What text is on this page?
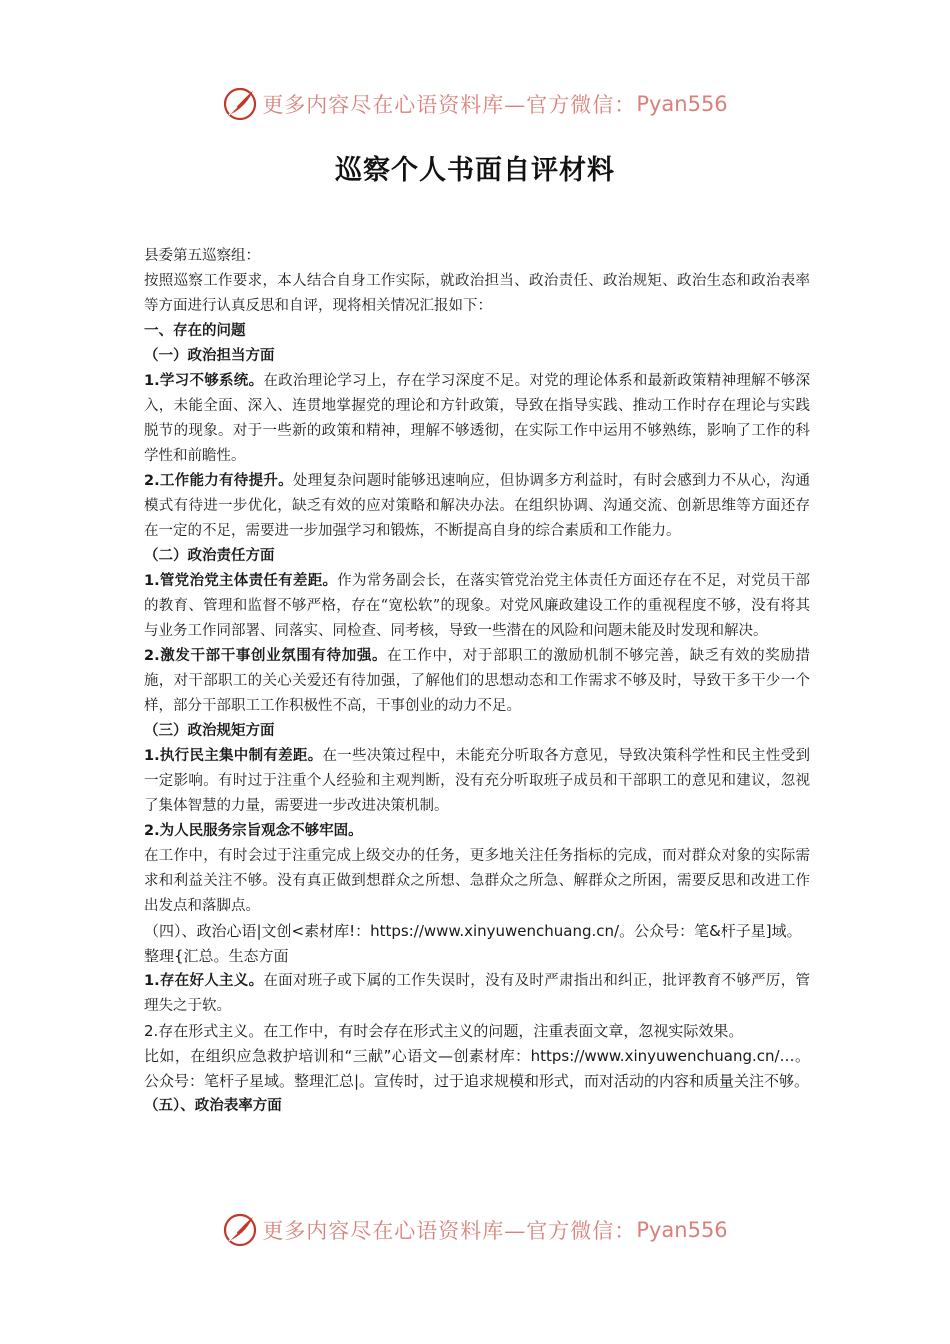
更多内容尽在心语资料库—官方微信： Pyan556
巡察个人书面自评材料

县委第五巡察组：

按照巡察工作要求，本人结合自身工作实际，就政治担当、政治责任、政治规矩、政治生态和政治表率等方面进行认真反思和自评，现将相关情况汇报如下：

一、存在的问题

（一）政治担当方面

1.学习不够系统。在政治理论学习上，存在学习深度不足。对党的理论体系和最新政策精神理解不够深入，未能全面、深入、连贯地掌握党的理论和方针政策，导致在指导实践、推动工作时存在理论与实践脱节的现象。对于一些新的政策和精神，理解不够透彻，在实际工作中运用不够熟练，影响了工作的科学性和前瞻性。

2.工作能力有待提升。处理复杂问题时能够迅速响应，但协调多方利益时，有时会感到力不从心，沟通模式有待进一步优化，缺乏有效的应对策略和解决办法。在组织协调、沟通交流、创新思维等方面还存在一定的不足，需要进一步加强学习和锻炼，不断提高自身的综合素质和工作能力。

（二）政治责任方面

1.管党治党主体责任有差距。作为常务副会长，在落实管党治党主体责任方面还存在不足，对党员干部的教育、管理和监督不够严格，存在“宽松软”的现象。对党风廉政建设工作的重视程度不够，没有将其与业务工作同部署、同落实、同检查、同考核，导致一些潜在的风险和问题未能及时发现和解决。

2.激发干部干事创业氛围有待加强。在工作中，对于部职工的激励机制不够完善，缺乏有效的奖励措施，对干部职工的关心关爱还有待加强，了解他们的思想动态和工作需求不够及时，导致干多干少一个样，部分干部职工工作积极性不高，干事创业的动力不足。

（三）政治规矩方面

1.执行民主集中制有差距。在一些决策过程中，未能充分听取各方意见，导致决策科学性和民主性受到一定影响。有时过于注重个人经验和主观判断，没有充分听取班子成员和干部职工的意见和建议，忽视了集体智慧的力量，需要进一步改进决策机制。

2.为人民服务宗旨观念不够牢固。

在工作中，有时会过于注重完成上级交办的任务，更多地关注任务指标的完成，而对群众对象的实际需求和利益关注不够。没有真正做到想群众之所想、急群众之所急、解群众之所困，需要反思和改进工作出发点和落脚点。

（四）、政治心语|文创<素材库!：https://www.xinyuwenchuang.cn/。公众号：笔&杆子星]域。整理{汇总。生态方面

1.存在好人主义。在面对班子或下属的工作失误时，没有及时严肃指出和纠正，批评教育不够严厉，管理失之于软。

2.存在形式主义。在工作中，有时会存在形式主义的问题，注重表面文章，忽视实际效果。

比如，在组织应急救护培训和“三献”心语文—创素材库：https://www.xinyuwenchuang.cn/…。公众号：笔杆子星域。整理汇总|。宣传时，过于追求规模和形式，而对活动的内容和质量关注不够。

（五）、政治表率方面

更多内容尽在心语资料库—官方微信： Pyan556
